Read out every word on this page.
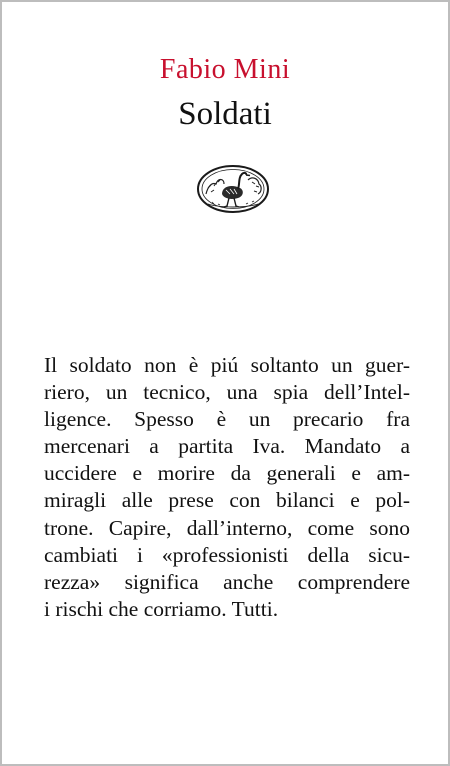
Fabio Mini
Soldati
Il soldato non è piú soltanto un guer-
riero, un tecnico, una spia dell’Intel-
ligence. Spesso è un precario fra
mercenari a partita Iva. Mandato a
uccidere e morire da generali e am-
miragli alle prese con bilanci e pol-
trone. Capire, dall’interno, come sono
cambiati i «professionisti della sicu-
rezza» significa anche comprendere
i rischi che corriamo. Tutti.
